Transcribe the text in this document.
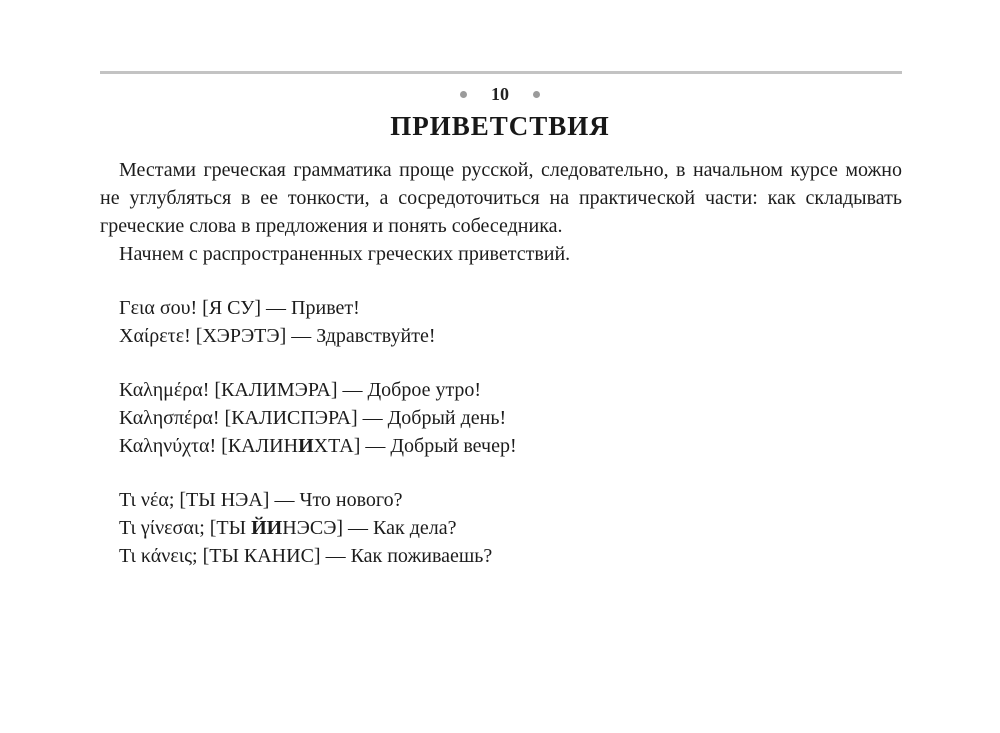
10
ПРИВЕТСТВИЯ

Местами греческая грамматика проще русской, следовательно, в начальном курсе можно не углубляться в ее тонкости, а сосредоточиться на практической части: как складывать греческие слова в предложения и понять собеседника.

Начнем с распространенных греческих приветствий.

Γεια σου! [Я СУ] — Привет!
Χαίρετε! [ХЭРЭТЭ] — Здравствуйте!
Καλημέρα! [КАЛИМЭРА] — Доброе утро!
Καλησπέρα! [КАЛИСПЭРА] — Добрый день!
Καληνύχτα! [КАЛИНИХТА] — Добрый вечер!
Τι νέα; [ТЫ НЭА] — Что нового?
Τι γίνεσαι; [ТЫ ЙИНЭСЭ] — Как дела?
Τι κάνεις; [ТЫ КАНИС] — Как поживаешь?
